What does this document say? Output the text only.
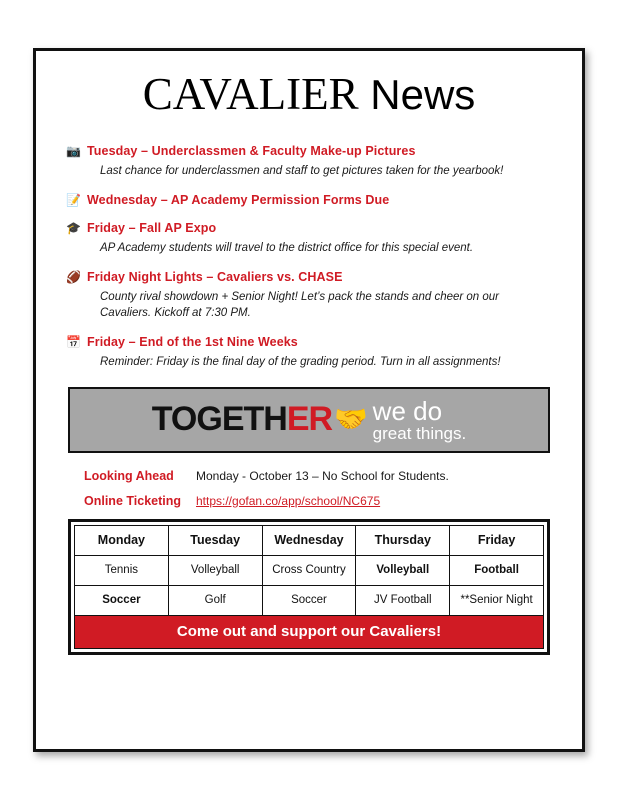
CAVALIER News
📷 Tuesday – Underclassmen & Faculty Make-up Pictures
Last chance for underclassmen and staff to get pictures taken for the yearbook!
📝 Wednesday – AP Academy Permission Forms Due
🎓 Friday – Fall AP Expo
AP Academy students will travel to the district office for this special event.
🏈 Friday Night Lights – Cavaliers vs. CHASE
County rival showdown + Senior Night! Let’s pack the stands and cheer on our Cavaliers. Kickoff at 7:30 PM.
📅 Friday – End of the 1st Nine Weeks
Reminder: Friday is the final day of the grading period. Turn in all assignments!
TOGETHER 🤝 we do
great things.
Looking Ahead	Monday - October 13 – No School for Students.
Online Ticketing	https://gofan.co/app/school/NC675
Monday	Tuesday	Wednesday	Thursday	Friday
Tennis	Volleyball	Cross Country	Volleyball	Football
Soccer	Golf	Soccer	JV Football	**Senior Night
Come out and support our Cavaliers!
